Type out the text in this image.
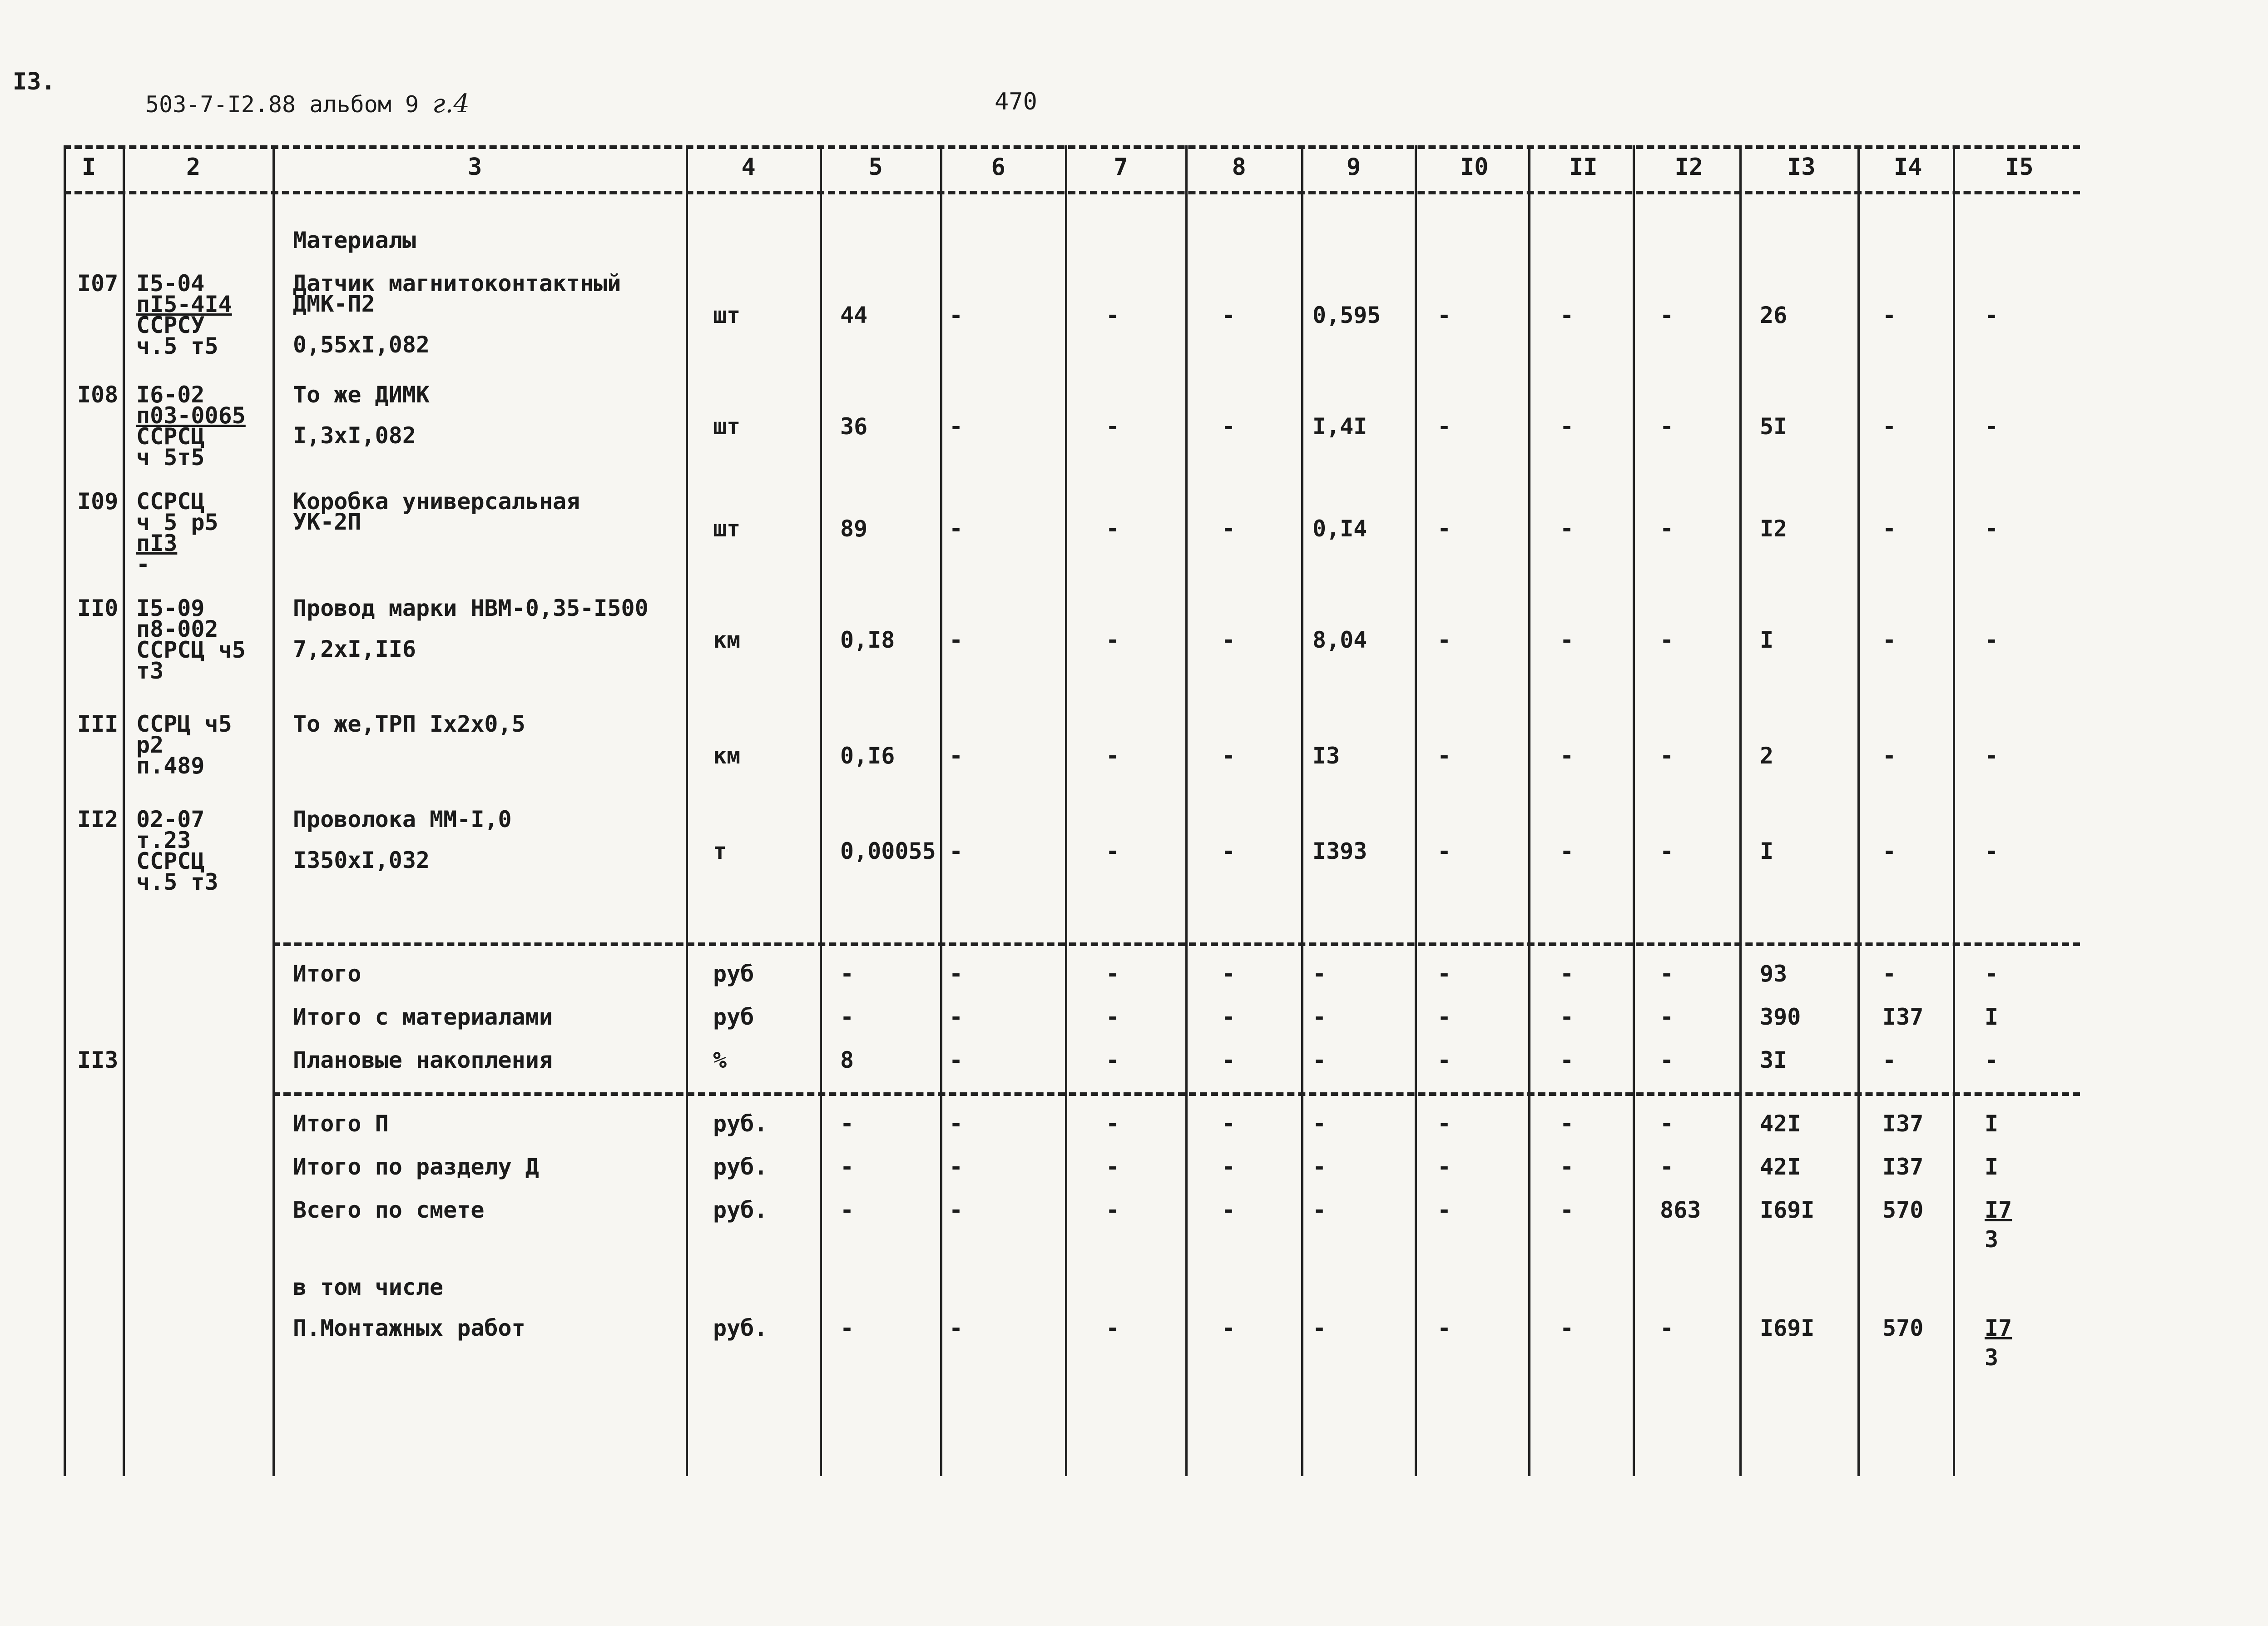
I3.
503-7-I2.88 альбом 9 г.4	470
I	2	3	4	5	6	7	8	9	I0	II	I2	I3	I4	I5
Материалы
I07 I5-04
пI5-4I4
ССРСУ
ч.5 т5
Датчик магнитоконтактный
ДМК-П2
0,55хI,082
шт	44	-	-	-	0,595 -	-	-	26	-	-
I08 I6-02
п03-0065
ССРСЦ
ч 5т5
То же ДИМК
I,3хI,082	шт	36	-	-	-	I,4I	-	-	-	5I	-	-
I09 ССРСЦ
ч 5 р5
пI3
-
Коробка универсальная
УК-2П	шт	89	-	-	-	0,I4	-	-	-	I2	-	-
II0 I5-09
п8-002
ССРСЦ ч5
т3
Провод марки НВМ-0,35-I500
7,2хI,II6	км	0,I8 -	-	-	8,04	-	-	-	I	-	-
III ССРЦ ч5
р2
п.489
То же,ТРП Iх2х0,5
км	0,I6 -	-	-	I3	-	-	-	2	-	-
II2 02-07
т.23
ССРСЦ
ч.5 т3
Проволока ММ-I,0
I350хI,032	т	0,00055 -	-	-	I393	-	-	-	I	-	-
Итого	руб	-	-	-	-	-	-	-	-	93	-	-
Итого с материалами	руб	-	-	-	-	-	-	-	-	390	I37	I
II3	Плановые накопления	%	8	-	-	-	-	-	-	-	3I	-	-
Итого П	руб.	-	-	-	-	-	-	-	-	42I	I37	I
Итого по разделу Д	руб.	-	-	-	-	-	-	-	-	42I	I37	I
Всего по смете	руб.	-	-	-	-	-	-	-	863	I69I	570	I7
3
в том числе
П.Монтажных работ	руб.	-	-	-	-	-	-	-	-	I69I	570	I7
3
